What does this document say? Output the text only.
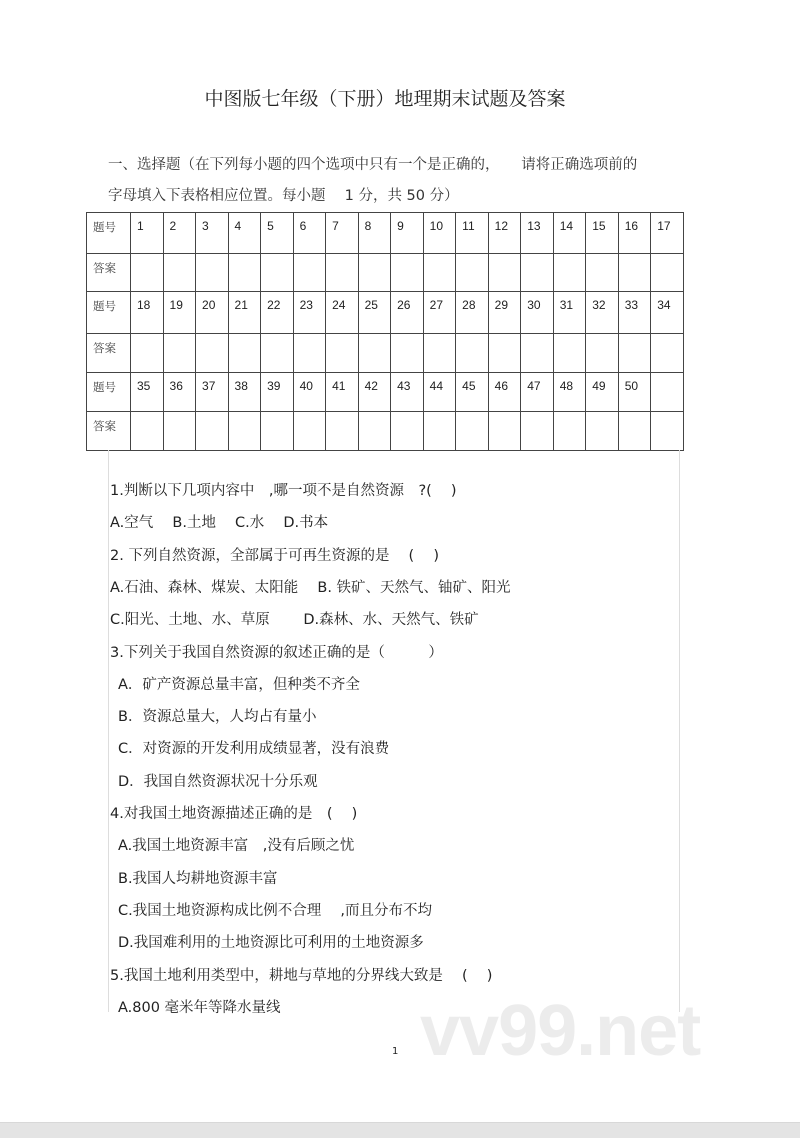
中图版七年级（下册）地理期末试题及答案
一、选择题（在下列每小题的四个选项中只有一个是正确的，　　请将正确选项前的
字母填入下表格相应位置。每小题　 1 分，共 50 分）
题号	1	2	3	4	5	6	7	8	9	10	11	12	13	14	15	16	17
答案																	
题号	18	19	20	21	22	23	24	25	26	27	28	29	30	31	32	33	34
答案																	
题号	35	36	37	38	39	40	41	42	43	44	45	46	47	48	49	50	
答案																	
1.判断以下几项内容中　,哪一项不是自然资源　?(　 )
A.空气　 B.土地　 C.水　 D.书本
2. 下列自然资源，全部属于可再生资源的是　 (　 )
A.石油、森林、煤炭、太阳能　 B. 铁矿、天然气、铀矿、阳光
C.阳光、土地、水、草原　　 D.森林、水、天然气、铁矿
3.下列关于我国自然资源的叙述正确的是（　　　）
A．矿产资源总量丰富，但种类不齐全
B．资源总量大，人均占有量小
C．对资源的开发利用成绩显著，没有浪费
D．我国自然资源状况十分乐观
4.对我国土地资源描述正确的是　(　 )
A.我国土地资源丰富　,没有后顾之忧
B.我国人均耕地资源丰富
C.我国土地资源构成比例不合理　 ,而且分布不均
D.我国难利用的土地资源比可利用的土地资源多
5.我国土地利用类型中，耕地与草地的分界线大致是　 (　 )
A.800 毫米年等降水量线 vv99.net
1
